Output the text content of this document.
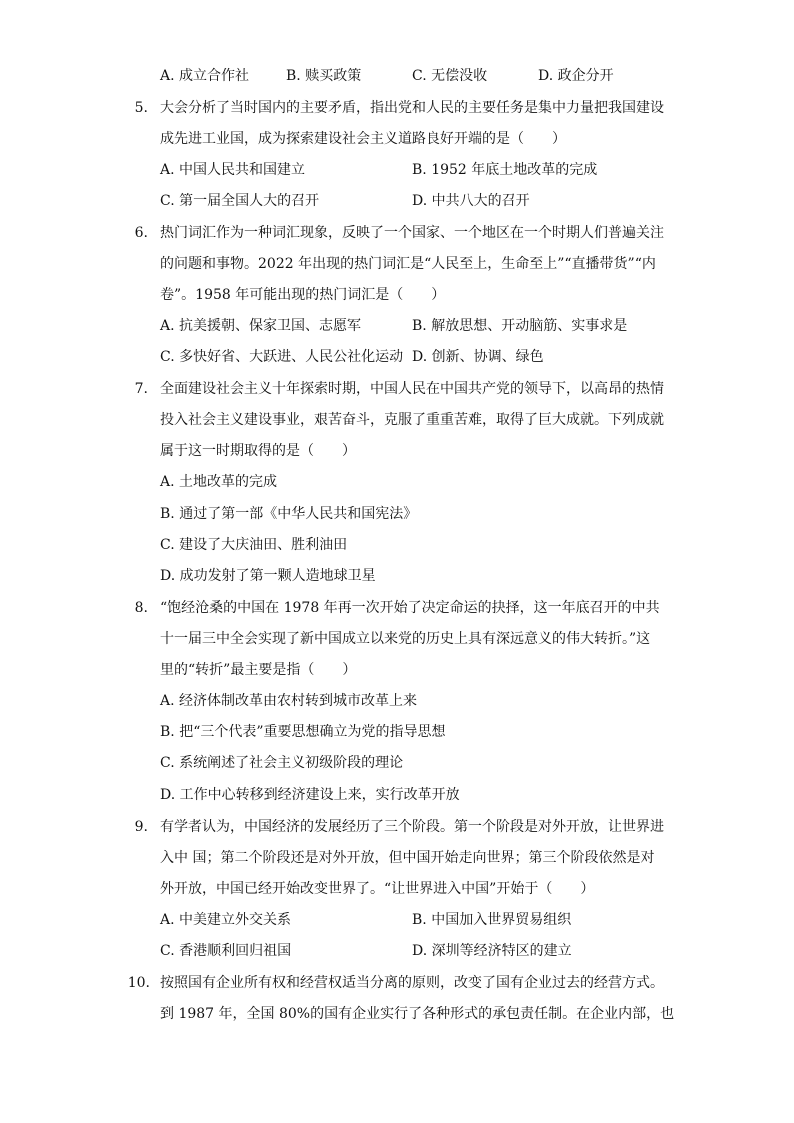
A. 成立合作社	B. 赎买政策	C. 无偿没收	D. 政企分开
5. 大会分析了当时国内的主要矛盾，指出党和人民的主要任务是集中力量把我国建设
成先进工业国，成为探索建设社会主义道路良好开端的是（　　）
A. 中国人民共和国建立	B. 1952 年底土地改革的完成
C. 第一届全国人大的召开	D. 中共八大的召开
6. 热门词汇作为一种词汇现象，反映了一个国家、一个地区在一个时期人们普遍关注
的问题和事物。2022 年出现的热门词汇是“人民至上，生命至上”“直播带货”“内
卷”。1958 年可能出现的热门词汇是（　　）
A. 抗美援朝、保家卫国、志愿军	B. 解放思想、开动脑筋、实事求是
C. 多快好省、大跃进、人民公社化运动 D. 创新、协调、绿色
7. 全面建设社会主义十年探索时期，中国人民在中国共产党的领导下，以高昂的热情
投入社会主义建设事业，艰苦奋斗，克服了重重苦难，取得了巨大成就。下列成就
属于这一时期取得的是（　　）
A. 土地改革的完成
B. 通过了第一部《中华人民共和国宪法》
C. 建设了大庆油田、胜利油田
D. 成功发射了第一颗人造地球卫星
8. “饱经沧桑的中国在 1978 年再一次开始了决定命运的抉择，这一年底召开的中共
十一届三中全会实现了新中国成立以来党的历史上具有深远意义的伟大转折。”这
里的“转折”最主要是指（　　）
A. 经济体制改革由农村转到城市改革上来
B. 把“三个代表”重要思想确立为党的指导思想
C. 系统阐述了社会主义初级阶段的理论
D. 工作中心转移到经济建设上来，实行改革开放
9. 有学者认为，中国经济的发展经历了三个阶段。第一个阶段是对外开放，让世界进
入中 国；第二个阶段还是对外开放，但中国开始走向世界；第三个阶段依然是对
外开放，中国已经开始改变世界了。“让世界进入中国”开始于（　　）
A. 中美建立外交关系	B. 中国加入世界贸易组织
C. 香港顺利回归祖国	D. 深圳等经济特区的建立
10. 按照国有企业所有权和经营权适当分离的原则，改变了国有企业过去的经营方式。
到 1987 年，全国 80%的国有企业实行了各种形式的承包责任制。在企业内部，也
